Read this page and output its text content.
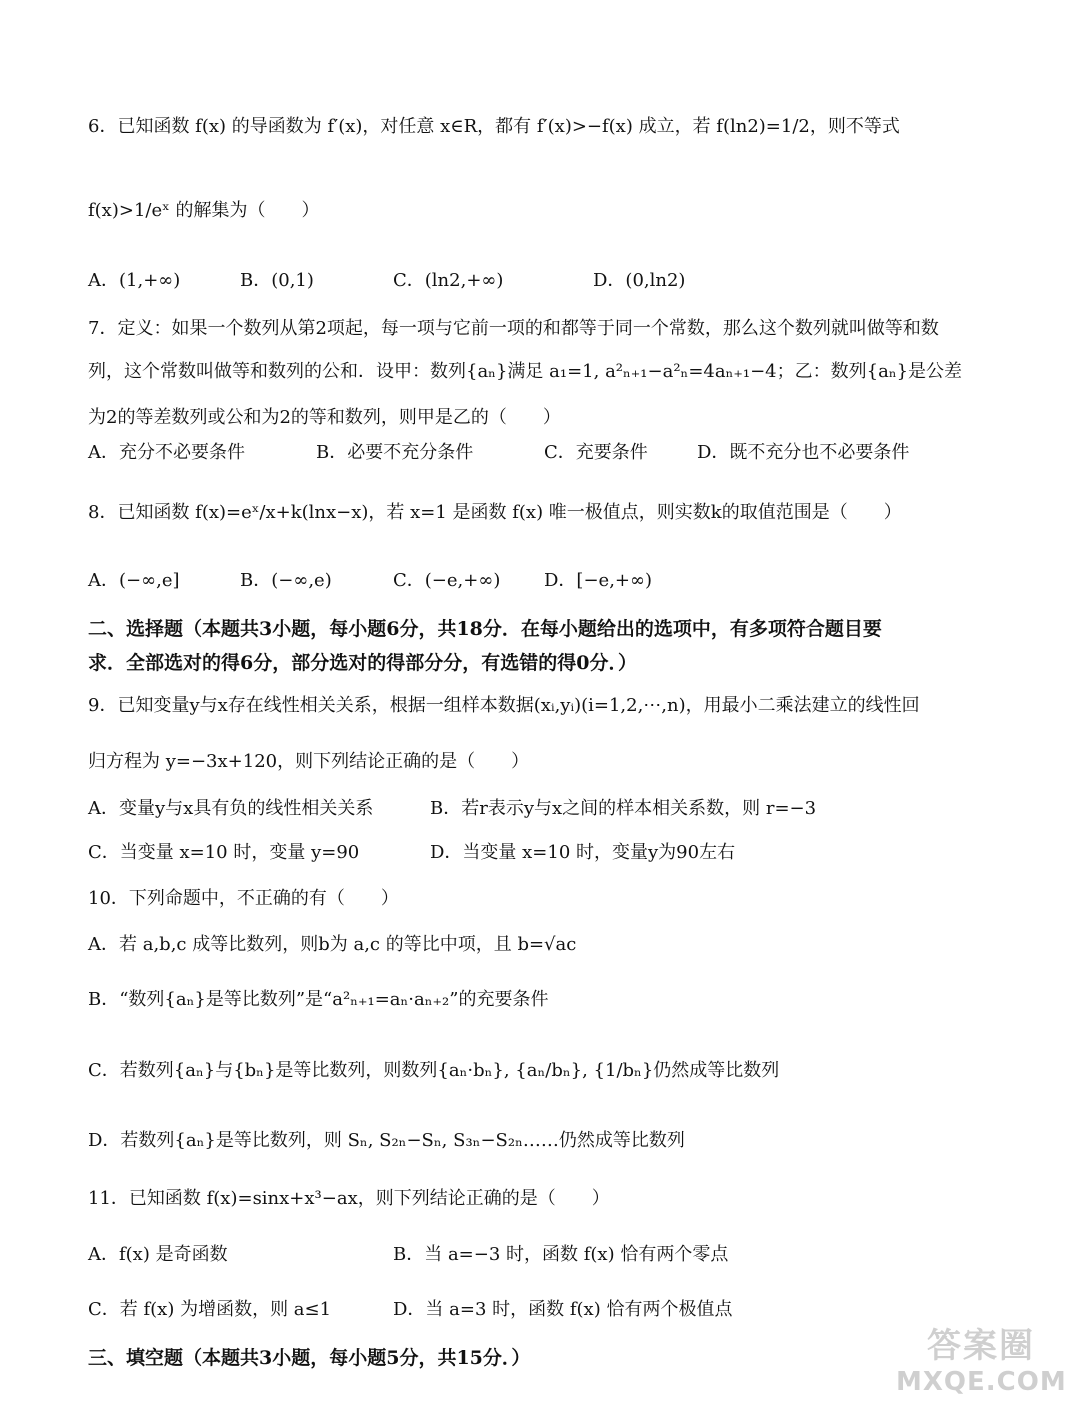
6．已知函数 f(x) 的导函数为 f′(x)，对任意 x∈R，都有 f′(x)>−f(x) 成立，若 f(ln2)=1/2，则不等式
f(x)>1/eˣ 的解集为（　　）
A．(1,+∞)	B．(0,1)	C．(ln2,+∞)	D．(0,ln2)
7．定义：如果一个数列从第2项起，每一项与它前一项的和都等于同一个常数，那么这个数列就叫做等和数
列，这个常数叫做等和数列的公和．设甲：数列{aₙ}满足 a₁=1, a²ₙ₊₁−a²ₙ=4aₙ₊₁−4；乙：数列{aₙ}是公差
为2的等差数列或公和为2的等和数列，则甲是乙的（　　）
A．充分不必要条件	B．必要不充分条件	C．充要条件	D．既不充分也不必要条件
8．已知函数 f(x)=eˣ/x+k(lnx−x)，若 x=1 是函数 f(x) 唯一极值点，则实数k的取值范围是（　　）
A．(−∞,e]	B．(−∞,e)	C．(−e,+∞) D．[−e,+∞)
二、选择题（本题共3小题，每小题6分，共18分．在每小题给出的选项中，有多项符合题目要
求．全部选对的得6分，部分选对的得部分分，有选错的得0分．）
9．已知变量y与x存在线性相关关系，根据一组样本数据(xᵢ,yᵢ)(i=1,2,⋯,n)，用最小二乘法建立的线性回
归方程为 y=−3x+120，则下列结论正确的是（　　）
A．变量y与x具有负的线性相关关系	B．若r表示y与x之间的样本相关系数，则 r=−3
C．当变量 x=10 时，变量 y=90	D．当变量 x=10 时，变量y为90左右
10．下列命题中，不正确的有（　　）
A．若 a,b,c 成等比数列，则b为 a,c 的等比中项，且 b=√ac
B．“数列{aₙ}是等比数列”是“a²ₙ₊₁=aₙ·aₙ₊₂”的充要条件
C．若数列{aₙ}与{bₙ}是等比数列，则数列{aₙ·bₙ}, {aₙ/bₙ}, {1/bₙ}仍然成等比数列
D．若数列{aₙ}是等比数列，则 Sₙ, S₂ₙ−Sₙ, S₃ₙ−S₂ₙ……仍然成等比数列
11．已知函数 f(x)=sinx+x³−ax，则下列结论正确的是（　　）
A．f(x) 是奇函数	B．当 a=−3 时，函数 f(x) 恰有两个零点
C．若 f(x) 为增函数，则 a≤1	D．当 a=3 时，函数 f(x) 恰有两个极值点
三、填空题（本题共3小题，每小题5分，共15分．）	答案圈
MXQE.COM
